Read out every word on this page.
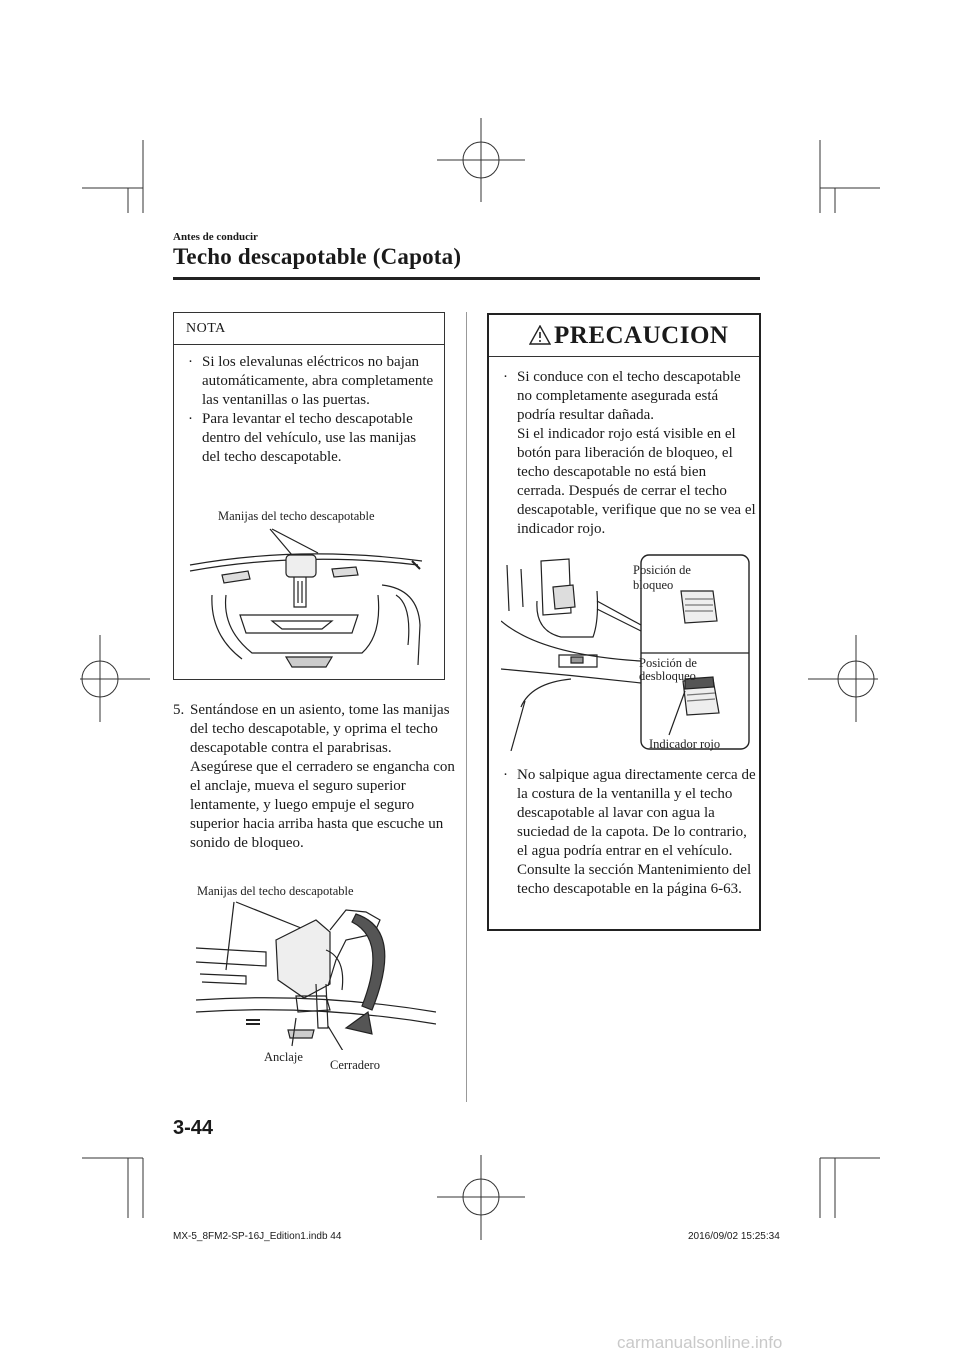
Antes de conducir
Techo descapotable (Capota)
NOTA
· Si los elevalunas eléctricos no bajan automáticamente, abra completamente las ventanillas o las puertas.
· Para levantar el techo descapotable dentro del vehículo, use las manijas del techo descapotable.
Manijas del techo descapotable
5. Sentándose en un asiento, tome las manijas del techo descapotable, y oprima el techo descapotable contra el parabrisas.
Asegúrese que el cerradero se engancha con el anclaje, mueva el seguro superior lentamente, y luego empuje el seguro superior hacia arriba hasta que escuche un sonido de bloqueo.
Manijas del techo descapotable
Anclaje
Cerradero
PRECAUCION
· Si conduce con el techo descapotable no completamente asegurada está podría resultar dañada.
Si el indicador rojo está visible en el botón para liberación de bloqueo, el techo descapotable no está bien cerrada. Después de cerrar el techo descapotable, verifique que no se vea el indicador rojo.
Posición de bloqueo
Posición de desbloqueo
Indicador rojo
· No salpique agua directamente cerca de la costura de la ventanilla y el techo descapotable al lavar con agua la suciedad de la capota. De lo contrario, el agua podría entrar en el vehículo.
Consulte la sección Mantenimiento del techo descapotable en la página 6-63.
3-44
MX-5_8FM2-SP-16J_Edition1.indb 44	2016/09/02 15:25:34
carmanualsonline.info
